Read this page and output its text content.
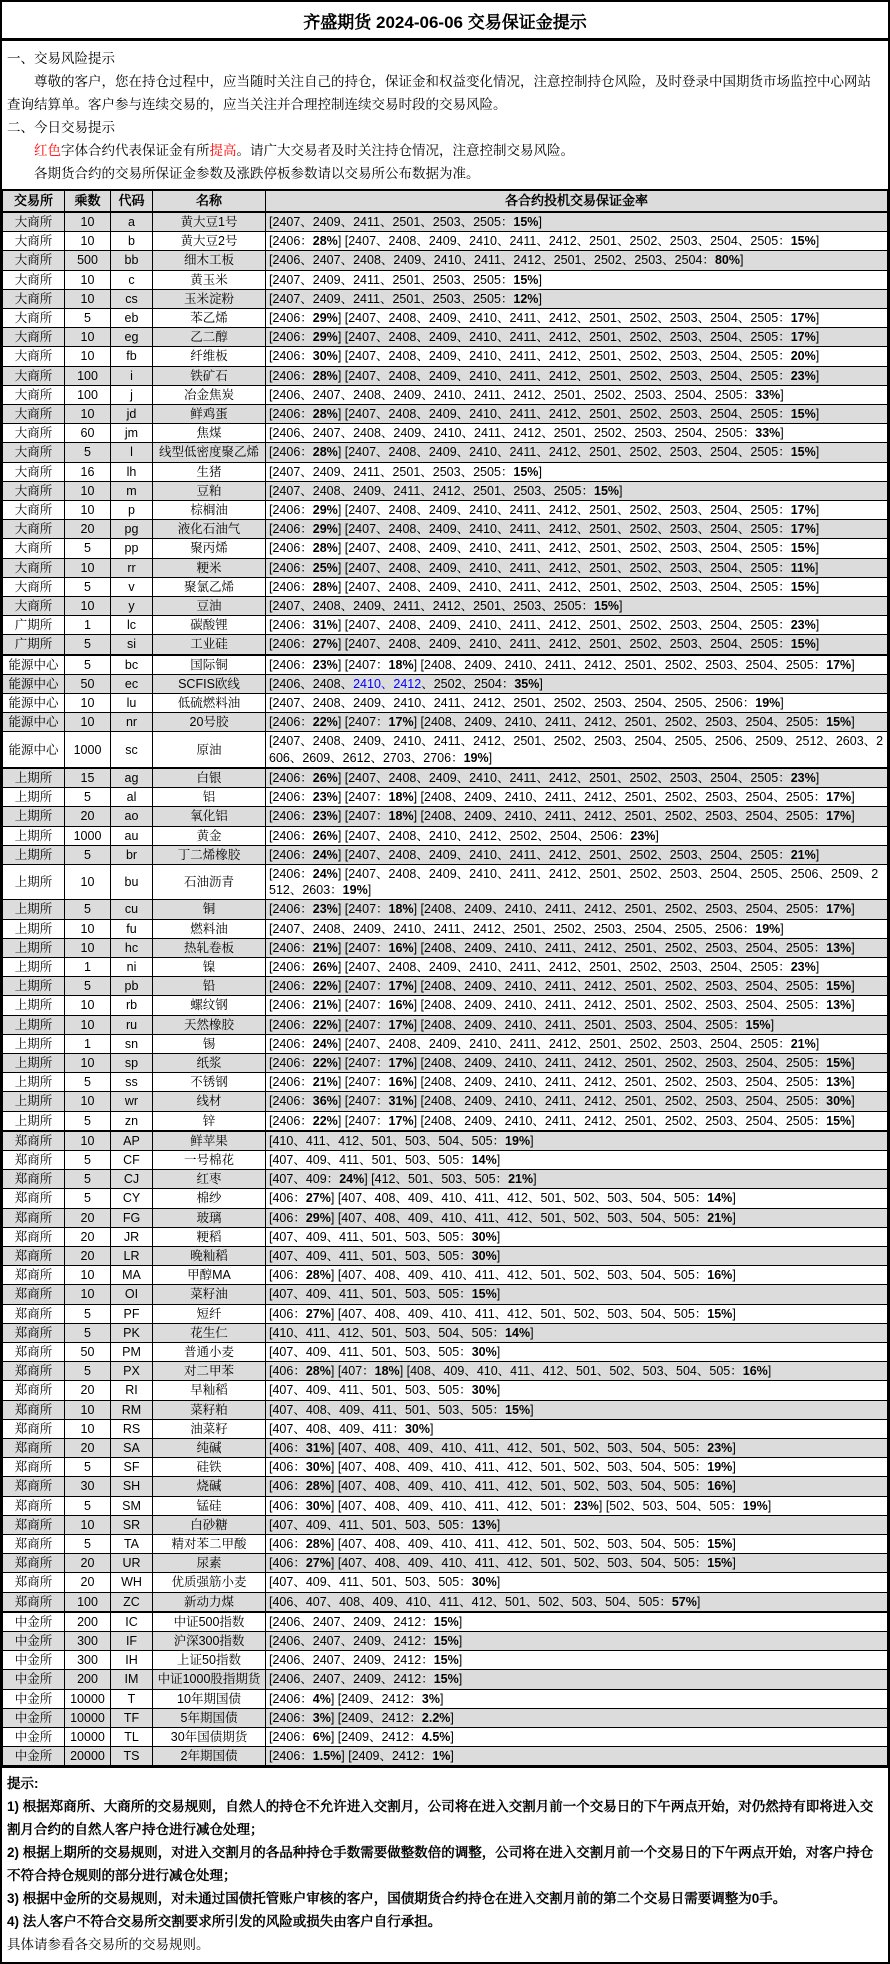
齐盛期货 2024-06-06 交易保证金提示
一、交易风险提示
尊敬的客户，您在持仓过程中，应当随时关注自己的持仓，保证金和权益变化情况，注意控制持仓风险，及时登录中国期货市场监控中心网站查询结算单。客户参与连续交易的，应当关注并合理控制连续交易时段的交易风险。
二、今日交易提示
红色字体合约代表保证金有所提高。请广大交易者及时关注持仓情况，注意控制交易风险。
各期货合约的交易所保证金参数及涨跌停板参数请以交易所公布数据为准。
交易所	乘数	代码	名称	各合约投机交易保证金率
大商所	10	a	黄大豆1号	[2407、2409、2411、2501、2503、2505：15%]
大商所	10	b	黄大豆2号	[2406：28%] [2407、2408、2409、2410、2411、2412、2501、2502、2503、2504、2505：15%]
大商所	500	bb	细木工板	[2406、2407、2408、2409、2410、2411、2412、2501、2502、2503、2504：80%]
大商所	10	c	黄玉米	[2407、2409、2411、2501、2503、2505：15%]
大商所	10	cs	玉米淀粉	[2407、2409、2411、2501、2503、2505：12%]
大商所	5	eb	苯乙烯	[2406：29%] [2407、2408、2409、2410、2411、2412、2501、2502、2503、2504、2505：17%]
大商所	10	eg	乙二醇	[2406：29%] [2407、2408、2409、2410、2411、2412、2501、2502、2503、2504、2505：17%]
大商所	10	fb	纤维板	[2406：30%] [2407、2408、2409、2410、2411、2412、2501、2502、2503、2504、2505：20%]
大商所	100	i	铁矿石	[2406：28%] [2407、2408、2409、2410、2411、2412、2501、2502、2503、2504、2505：23%]
大商所	100	j	冶金焦炭	[2406、2407、2408、2409、2410、2411、2412、2501、2502、2503、2504、2505：33%]
大商所	10	jd	鲜鸡蛋	[2406：28%] [2407、2408、2409、2410、2411、2412、2501、2502、2503、2504、2505：15%]
大商所	60	jm	焦煤	[2406、2407、2408、2409、2410、2411、2412、2501、2502、2503、2504、2505：33%]
大商所	5	l	线型低密度聚乙烯	[2406：28%] [2407、2408、2409、2410、2411、2412、2501、2502、2503、2504、2505：15%]
大商所	16	lh	生猪	[2407、2409、2411、2501、2503、2505：15%]
大商所	10	m	豆粕	[2407、2408、2409、2411、2412、2501、2503、2505：15%]
大商所	10	p	棕榈油	[2406：29%] [2407、2408、2409、2410、2411、2412、2501、2502、2503、2504、2505：17%]
大商所	20	pg	液化石油气	[2406：29%] [2407、2408、2409、2410、2411、2412、2501、2502、2503、2504、2505：17%]
大商所	5	pp	聚丙烯	[2406：28%] [2407、2408、2409、2410、2411、2412、2501、2502、2503、2504、2505：15%]
大商所	10	rr	粳米	[2406：25%] [2407、2408、2409、2410、2411、2412、2501、2502、2503、2504、2505：11%]
大商所	5	v	聚氯乙烯	[2406：28%] [2407、2408、2409、2410、2411、2412、2501、2502、2503、2504、2505：15%]
大商所	10	y	豆油	[2407、2408、2409、2411、2412、2501、2503、2505：15%]
广期所	1	lc	碳酸锂	[2406：31%] [2407、2408、2409、2410、2411、2412、2501、2502、2503、2504、2505：23%]
广期所	5	si	工业硅	[2406：27%] [2407、2408、2409、2410、2411、2412、2501、2502、2503、2504、2505：15%]
能源中心	5	bc	国际铜	[2406：23%] [2407：18%] [2408、2409、2410、2411、2412、2501、2502、2503、2504、2505：17%]
能源中心	50	ec	SCFIS欧线	[2406、2408、2410、2412、2502、2504：35%]
能源中心	10	lu	低硫燃料油	[2407、2408、2409、2410、2411、2412、2501、2502、2503、2504、2505、2506：19%]
能源中心	10	nr	20号胶	[2406：22%] [2407：17%] [2408、2409、2410、2411、2412、2501、2502、2503、2504、2505：15%]
能源中心	1000	sc	原油	[2407、2408、2409、2410、2411、2412、2501、2502、2503、2504、2505、2506、2509、2512、2603、2606、2609、2612、2703、2706：19%]
上期所	15	ag	白银	[2406：26%] [2407、2408、2409、2410、2411、2412、2501、2502、2503、2504、2505：23%]
上期所	5	al	铝	[2406：23%] [2407：18%] [2408、2409、2410、2411、2412、2501、2502、2503、2504、2505：17%]
上期所	20	ao	氧化铝	[2406：23%] [2407：18%] [2408、2409、2410、2411、2412、2501、2502、2503、2504、2505：17%]
上期所	1000	au	黄金	[2406：26%] [2407、2408、2410、2412、2502、2504、2506：23%]
上期所	5	br	丁二烯橡胶	[2406：24%] [2407、2408、2409、2410、2411、2412、2501、2502、2503、2504、2505：21%]
上期所	10	bu	石油沥青	[2406：24%] [2407、2408、2409、2410、2411、2412、2501、2502、2503、2504、2505、2506、2509、2512、2603：19%]
上期所	5	cu	铜	[2406：23%] [2407：18%] [2408、2409、2410、2411、2412、2501、2502、2503、2504、2505：17%]
上期所	10	fu	燃料油	[2407、2408、2409、2410、2411、2412、2501、2502、2503、2504、2505、2506：19%]
上期所	10	hc	热轧卷板	[2406：21%] [2407：16%] [2408、2409、2410、2411、2412、2501、2502、2503、2504、2505：13%]
上期所	1	ni	镍	[2406：26%] [2407、2408、2409、2410、2411、2412、2501、2502、2503、2504、2505：23%]
上期所	5	pb	铅	[2406：22%] [2407：17%] [2408、2409、2410、2411、2412、2501、2502、2503、2504、2505：15%]
上期所	10	rb	螺纹钢	[2406：21%] [2407：16%] [2408、2409、2410、2411、2412、2501、2502、2503、2504、2505：13%]
上期所	10	ru	天然橡胶	[2406：22%] [2407：17%] [2408、2409、2410、2411、2501、2503、2504、2505：15%]
上期所	1	sn	锡	[2406：24%] [2407、2408、2409、2410、2411、2412、2501、2502、2503、2504、2505：21%]
上期所	10	sp	纸浆	[2406：22%] [2407：17%] [2408、2409、2410、2411、2412、2501、2502、2503、2504、2505：15%]
上期所	5	ss	不锈钢	[2406：21%] [2407：16%] [2408、2409、2410、2411、2412、2501、2502、2503、2504、2505：13%]
上期所	10	wr	线材	[2406：36%] [2407：31%] [2408、2409、2410、2411、2412、2501、2502、2503、2504、2505：30%]
上期所	5	zn	锌	[2406：22%] [2407：17%] [2408、2409、2410、2411、2412、2501、2502、2503、2504、2505：15%]
郑商所	10	AP	鲜苹果	[410、411、412、501、503、504、505：19%]
郑商所	5	CF	一号棉花	[407、409、411、501、503、505：14%]
郑商所	5	CJ	红枣	[407、409：24%] [412、501、503、505：21%]
郑商所	5	CY	棉纱	[406：27%] [407、408、409、410、411、412、501、502、503、504、505：14%]
郑商所	20	FG	玻璃	[406：29%] [407、408、409、410、411、412、501、502、503、504、505：21%]
郑商所	20	JR	粳稻	[407、409、411、501、503、505：30%]
郑商所	20	LR	晚籼稻	[407、409、411、501、503、505：30%]
郑商所	10	MA	甲醇MA	[406：28%] [407、408、409、410、411、412、501、502、503、504、505：16%]
郑商所	10	OI	菜籽油	[407、409、411、501、503、505：15%]
郑商所	5	PF	短纤	[406：27%] [407、408、409、410、411、412、501、502、503、504、505：15%]
郑商所	5	PK	花生仁	[410、411、412、501、503、504、505：14%]
郑商所	50	PM	普通小麦	[407、409、411、501、503、505：30%]
郑商所	5	PX	对二甲苯	[406：28%] [407：18%] [408、409、410、411、412、501、502、503、504、505：16%]
郑商所	20	RI	早籼稻	[407、409、411、501、503、505：30%]
郑商所	10	RM	菜籽粕	[407、408、409、411、501、503、505：15%]
郑商所	10	RS	油菜籽	[407、408、409、411：30%]
郑商所	20	SA	纯碱	[406：31%] [407、408、409、410、411、412、501、502、503、504、505：23%]
郑商所	5	SF	硅铁	[406：30%] [407、408、409、410、411、412、501、502、503、504、505：19%]
郑商所	30	SH	烧碱	[406：28%] [407、408、409、410、411、412、501、502、503、504、505：16%]
郑商所	5	SM	锰硅	[406：30%] [407、408、409、410、411、412、501：23%] [502、503、504、505：19%]
郑商所	10	SR	白砂糖	[407、409、411、501、503、505：13%]
郑商所	5	TA	精对苯二甲酸	[406：28%] [407、408、409、410、411、412、501、502、503、504、505：15%]
郑商所	20	UR	尿素	[406：27%] [407、408、409、410、411、412、501、502、503、504、505：15%]
郑商所	20	WH	优质强筋小麦	[407、409、411、501、503、505：30%]
郑商所	100	ZC	新动力煤	[406、407、408、409、410、411、412、501、502、503、504、505：57%]
中金所	200	IC	中证500指数	[2406、2407、2409、2412：15%]
中金所	300	IF	沪深300指数	[2406、2407、2409、2412：15%]
中金所	300	IH	上证50指数	[2406、2407、2409、2412：15%]
中金所	200	IM	中证1000股指期货	[2406、2407、2409、2412：15%]
中金所	10000	T	10年期国债	[2406：4%] [2409、2412：3%]
中金所	10000	TF	5年期国债	[2406：3%] [2409、2412：2.2%]
中金所	10000	TL	30年国债期货	[2406：6%] [2409、2412：4.5%]
中金所	20000	TS	2年期国债	[2406：1.5%] [2409、2412：1%]
提示:
1) 根据郑商所、大商所的交易规则，自然人的持仓不允许进入交割月，公司将在进入交割月前一个交易日的下午两点开始，对仍然持有即将进入交割月合约的自然人客户持仓进行减仓处理；
2) 根据上期所的交易规则，对进入交割月的各品种持仓手数需要做整数倍的调整，公司将在进入交割月前一个交易日的下午两点开始，对客户持仓不符合持仓规则的部分进行减仓处理；
3) 根据中金所的交易规则，对未通过国债托管账户审核的客户，国债期货合约持仓在进入交割月前的第二个交易日需要调整为0手。
4) 法人客户不符合交易所交割要求所引发的风险或损失由客户自行承担。
具体请参看各交易所的交易规则。
